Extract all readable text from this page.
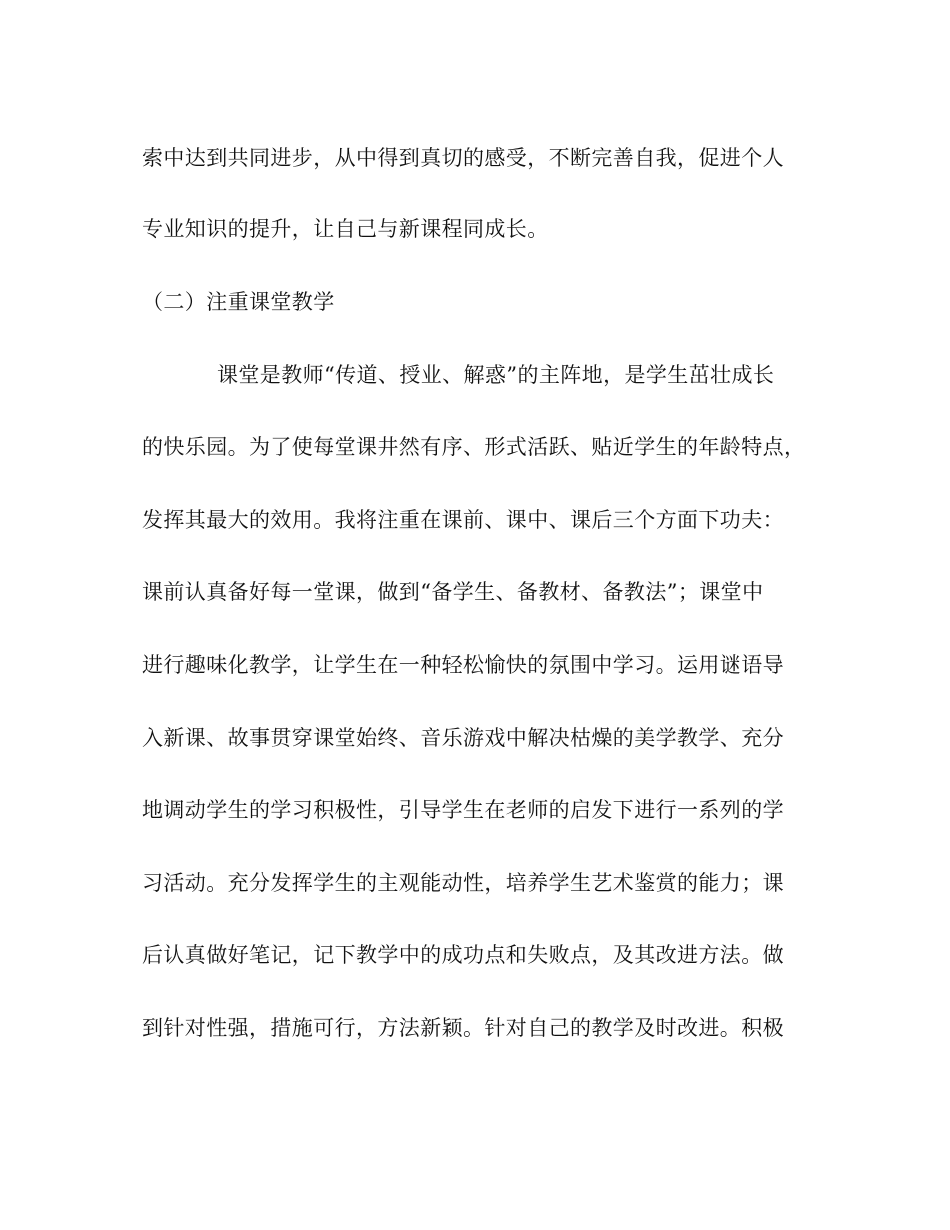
索中达到共同进步，从中得到真切的感受，不断完善自我，促进个人
专业知识的提升，让自己与新课程同成长。
（二）注重课堂教学
课堂是教师“传道、授业、解惑”的主阵地，是学生茁壮成长
的快乐园。为了使每堂课井然有序、形式活跃、贴近学生的年龄特点，
发挥其最大的效用。我将注重在课前、课中、课后三个方面下功夫：
课前认真备好每一堂课，做到“备学生、备教材、备教法”；课堂中
进行趣味化教学，让学生在一种轻松愉快的氛围中学习。运用谜语导
入新课、故事贯穿课堂始终、音乐游戏中解决枯燥的美学教学、充分
地调动学生的学习积极性，引导学生在老师的启发下进行一系列的学
习活动。充分发挥学生的主观能动性，培养学生艺术鉴赏的能力；课
后认真做好笔记，记下教学中的成功点和失败点，及其改进方法。做
到针对性强，措施可行，方法新颖。针对自己的教学及时改进。积极
